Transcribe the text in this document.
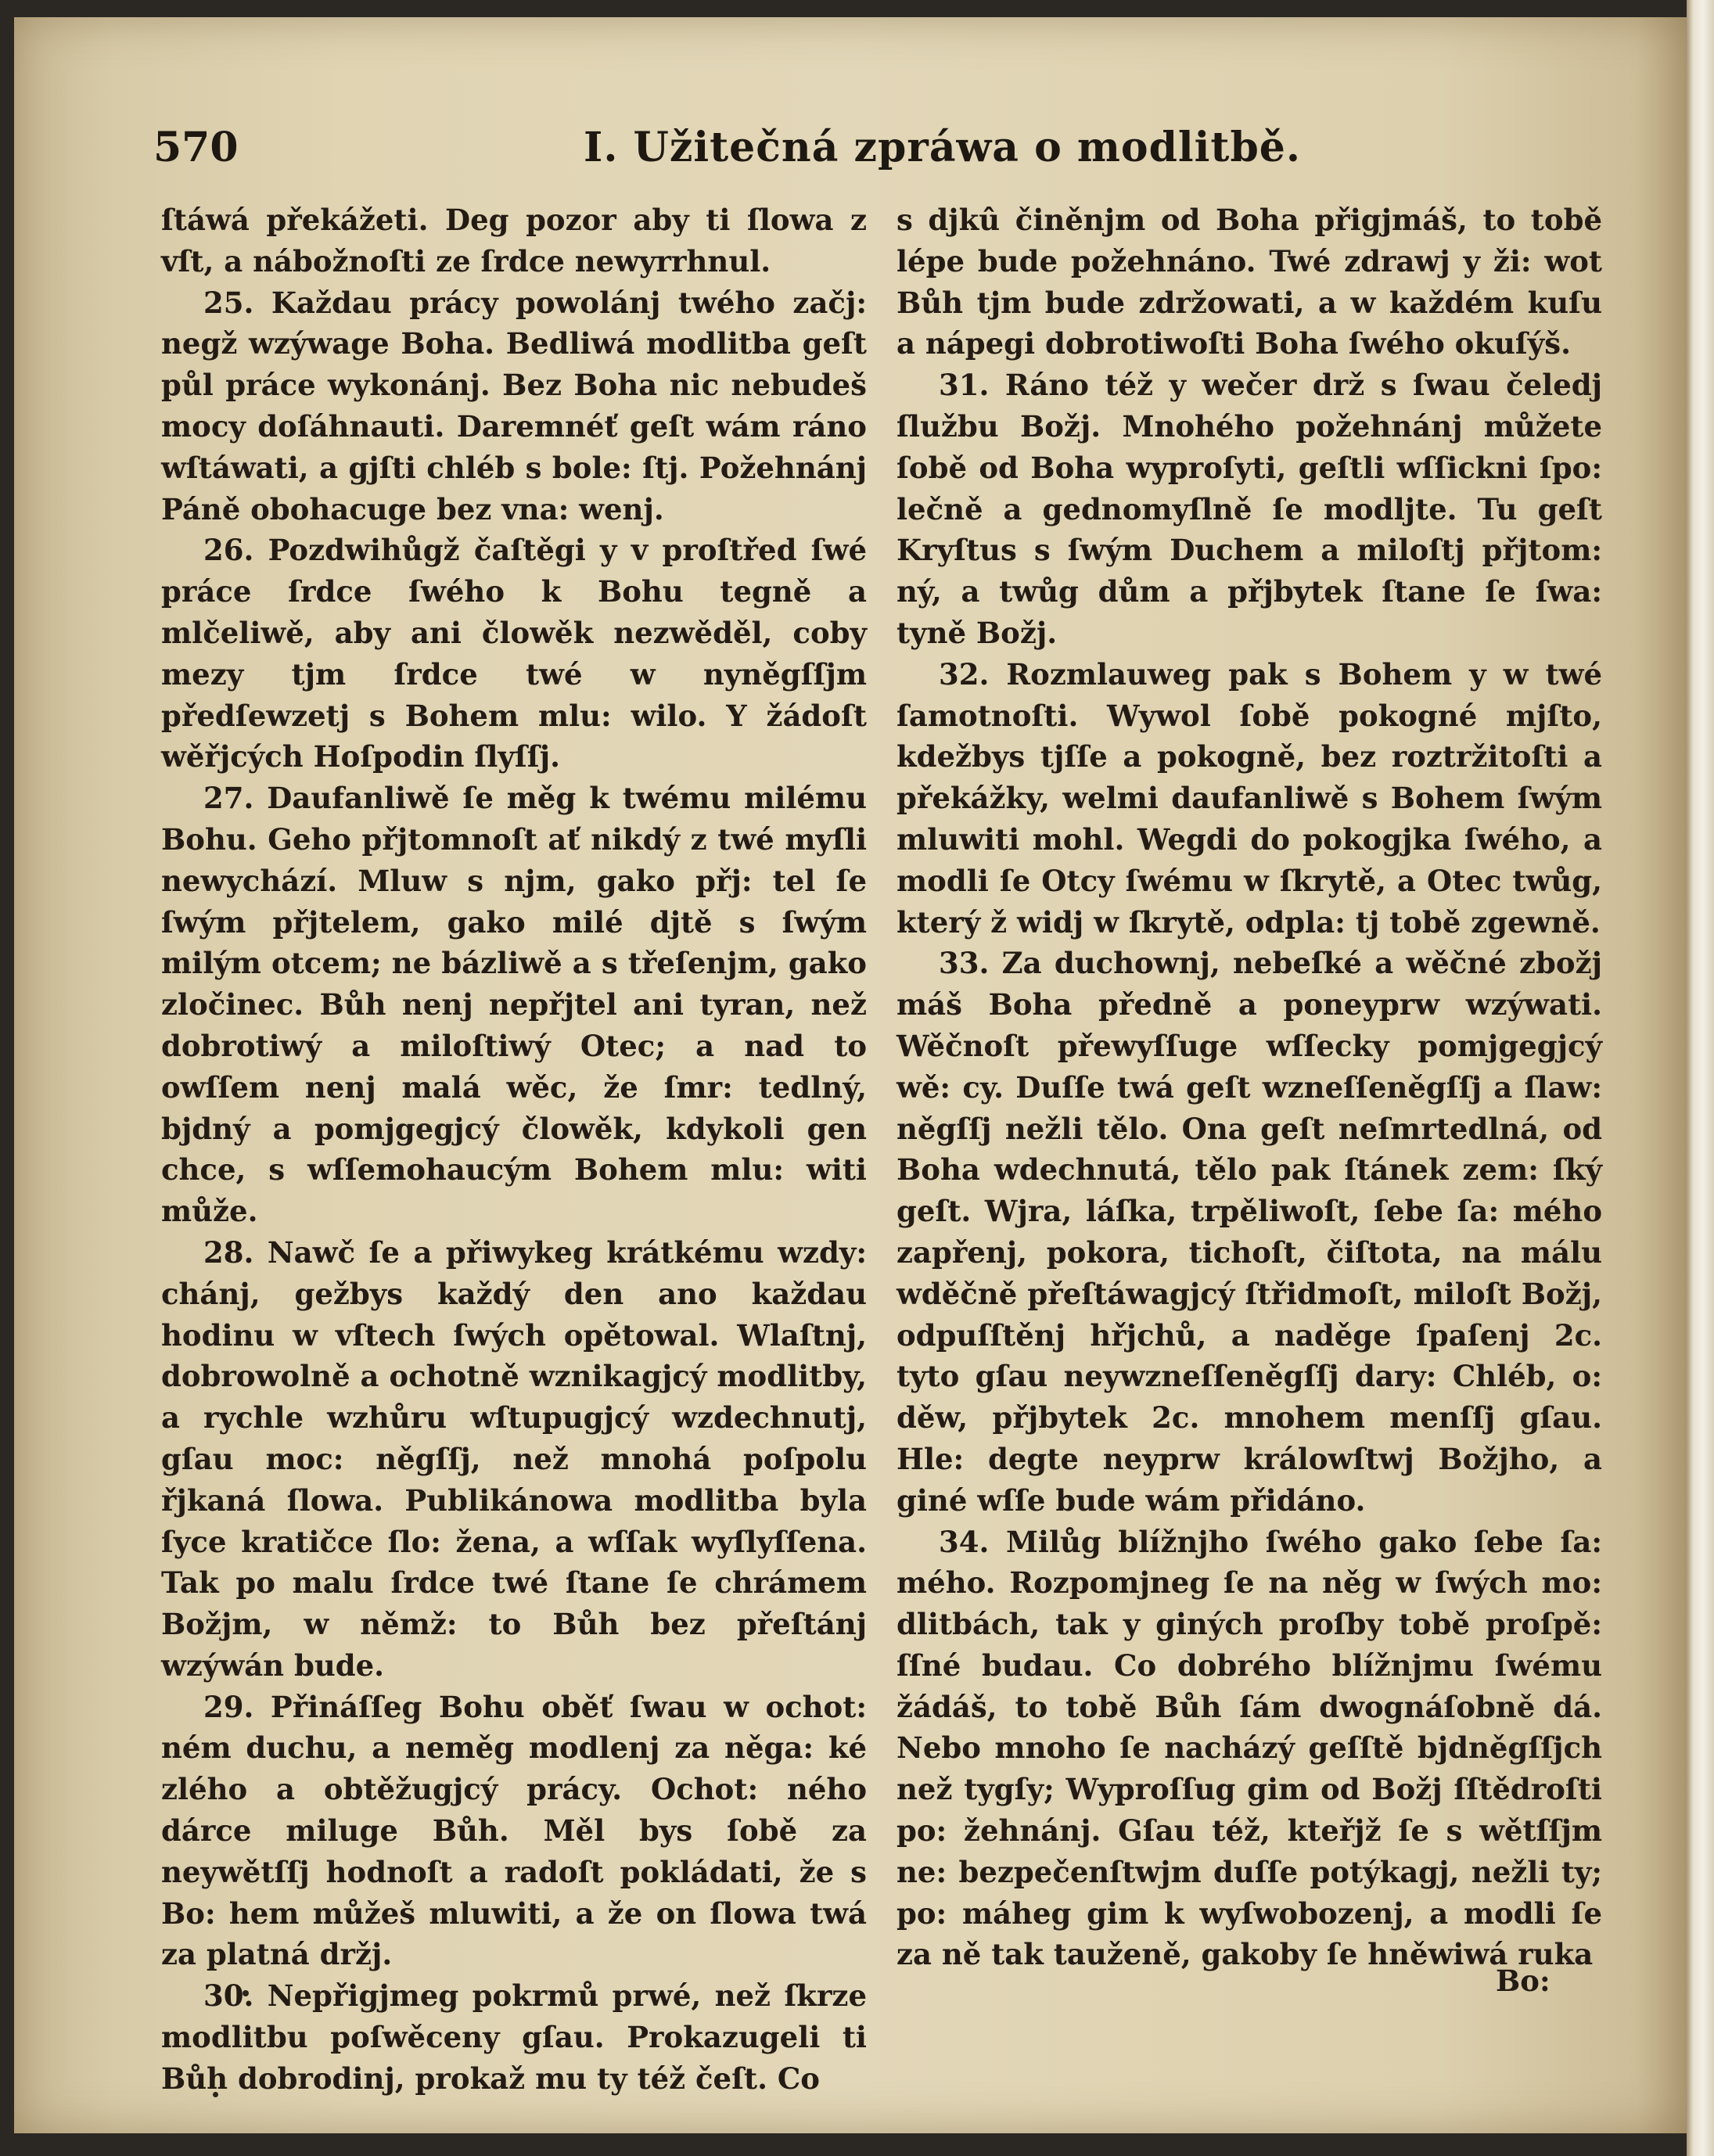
570	I. Užitečná zpráwa o modlitbě.

ſtáwá překážeti. Deg pozor aby ti ſlowa z vſt, a nábožnoſti ze ſrdce newyrrhnul.

25. Každau prácy powolánj twého začj: negž wzýwage Boha. Bedliwá modlitba geſt půl práce wykonánj. Bez Boha nic nebudeš mocy doſáhnauti. Daremnéť geſt wám ráno wſtáwati, a gjſti chléb s bole: ſtj. Požehnánj Páně obohacuge bez vna: wenj.

26. Pozdwihůgž čaſtěgi y v proſtřed ſwé práce ſrdce ſwého k Bohu tegně a mlčeliwě, aby ani člowěk nezwěděl, coby mezy tjm ſrdce twé w nyněgſſjm předſewzetj s Bohem mlu: wilo. Y žádoſt wěřjcých Hoſpodin ſlyſſj.

27. Daufanliwě ſe měg k twému milému Bohu. Geho přjtomnoſt ať nikdý z twé myſli newychází. Mluw s njm, gako přj: tel ſe ſwým přjtelem, gako milé djtě s ſwým milým otcem; ne bázliwě a s třeſenjm, gako zločinec. Bůh nenj nepřjtel ani tyran, než dobrotiwý a miloſtiwý Otec; a nad to owſſem nenj malá wěc, že ſmr: tedlný, bjdný a pomjgegjcý člowěk, kdykoli gen chce, s wſſemohaucým Bohem mlu: witi může.

28. Nawč ſe a přiwykeg krátkému wzdy: chánj, gežbys každý den ano každau hodinu w vſtech ſwých opětowal. Wlaſtnj, dobrowolně a ochotně wznikagjcý modlitby, a rychle wzhůru wſtupugjcý wzdechnutj, gſau moc: něgſſj, než mnohá poſpolu řjkaná ſlowa. Publikánowa modlitba byla ſyce kratičce ſlo: žena, a wſſak wyſlyſſena. Tak po malu ſrdce twé ſtane ſe chrámem Božjm, w němž: to Bůh bez přeſtánj wzýwán bude.

29. Přináſſeg Bohu oběť ſwau w ochot: ném duchu, a neměg modlenj za něga: ké zlého a obtěžugjcý prácy. Ochot: ného dárce miluge Bůh. Měl bys ſobě za neywětſſj hodnoſt a radoſt pokládati, že s Bo: hem můžeš mluwiti, a že on ſlowa twá za platná držj.

30. Nepřigjmeg pokrmů prwé, než ſkrze modlitbu poſwěceny gſau. Prokazugeli ti Bůh dobrodinj, prokaž mu ty též čeſt. Co

s djkû činěnjm od Boha přigjmáš, to tobě lépe bude požehnáno. Twé zdrawj y ži: wot Bůh tjm bude zdržowati, a w každém kuſu a nápegi dobrotiwoſti Boha ſwého okuſýš.

31. Ráno též y wečer drž s ſwau čeledj ſlužbu Božj. Mnohého požehnánj můžete ſobě od Boha wyproſyti, geſtli wſſickni ſpo: lečně a gednomyſlně ſe modljte. Tu geſt Kryſtus s ſwým Duchem a miloſtj přjtom: ný, a twůg dům a přjbytek ſtane ſe ſwa: tyně Božj.

32. Rozmlauweg pak s Bohem y w twé ſamotnoſti. Wywol ſobě pokogné mjſto, kdežbys tjſſe a pokogně, bez roztržitoſti a překážky, welmi daufanliwě s Bohem ſwým mluwiti mohl. Wegdi do pokogjka ſwého, a modli ſe Otcy ſwému w ſkrytě, a Otec twůg, který ž widj w ſkrytě, odpla: tj tobě zgewně.

33. Za duchownj, nebeſké a wěčné zbožj máš Boha předně a poneyprw wzýwati. Wěčnoſt přewyſſuge wſſecky pomjgegjcý wě: cy. Duſſe twá geſt wzneſſeněgſſj a ſlaw: něgſſj nežli tělo. Ona geſt neſmrtedlná, od Boha wdechnutá, tělo pak ſtánek zem: ſký geſt. Wjra, láſka, trpěliwoſt, ſebe ſa: mého zapřenj, pokora, tichoſt, čiſtota, na málu wděčně přeſtáwagjcý ſtřidmoſt, miloſt Božj, odpuſſtěnj hřjchů, a naděge ſpaſenj 2c. tyto gſau neywzneſſeněgſſj dary: Chléb, o: děw, přjbytek 2c. mnohem menſſj gſau. Hle: degte neyprw králowſtwj Božjho, a giné wſſe bude wám přidáno.

34. Milůg blížnjho ſwého gako ſebe ſa: mého. Rozpomjneg ſe na něg w ſwých mo: dlitbách, tak y giných proſby tobě proſpě: ſſné budau. Co dobrého blížnjmu ſwému žádáš, to tobě Bůh ſám dwognáſobně dá. Nebo mnoho ſe nacházý geſſtě bjdněgſſjch než tygſy; Wyproſſug gim od Božj ſſtědroſti po: žehnánj. Gſau též, kteřjž ſe s wětſſjm ne: bezpečenſtwjm duſſe potýkagj, nežli ty; po: máheg gim k wyſwobozenj, a modli ſe za ně tak tauženě, gakoby ſe hněwiwá ruka

Bo:
